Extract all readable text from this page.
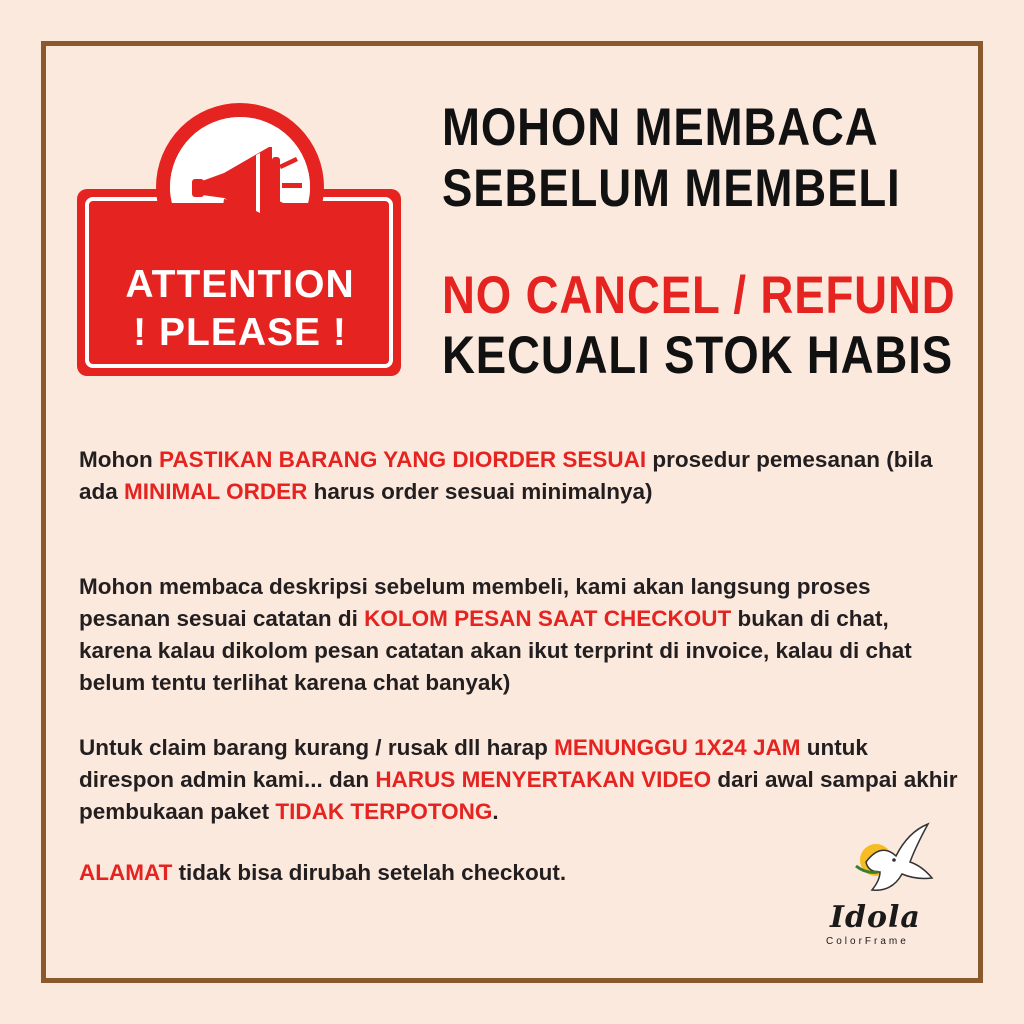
ATTENTION
! PLEASE !
MOHON MEMBACA
SEBELUM MEMBELI
NO CANCEL / REFUND
KECUALI STOK HABIS
Mohon PASTIKAN BARANG YANG DIORDER SESUAI prosedur pemesanan (bila ada MINIMAL ORDER harus order sesuai minimalnya)
Mohon membaca deskripsi sebelum membeli, kami akan langsung proses pesanan sesuai catatan di KOLOM PESAN SAAT CHECKOUT bukan di chat, karena kalau dikolom pesan catatan akan ikut terprint di invoice, kalau di chat belum tentu terlihat karena chat banyak)
Untuk claim barang kurang / rusak dll harap MENUNGGU 1X24 JAM untuk direspon admin kami... dan HARUS MENYERTAKAN VIDEO dari awal sampai akhir pembukaan paket TIDAK TERPOTONG.
ALAMAT tidak bisa dirubah setelah checkout.
Idola
ColorFrame
